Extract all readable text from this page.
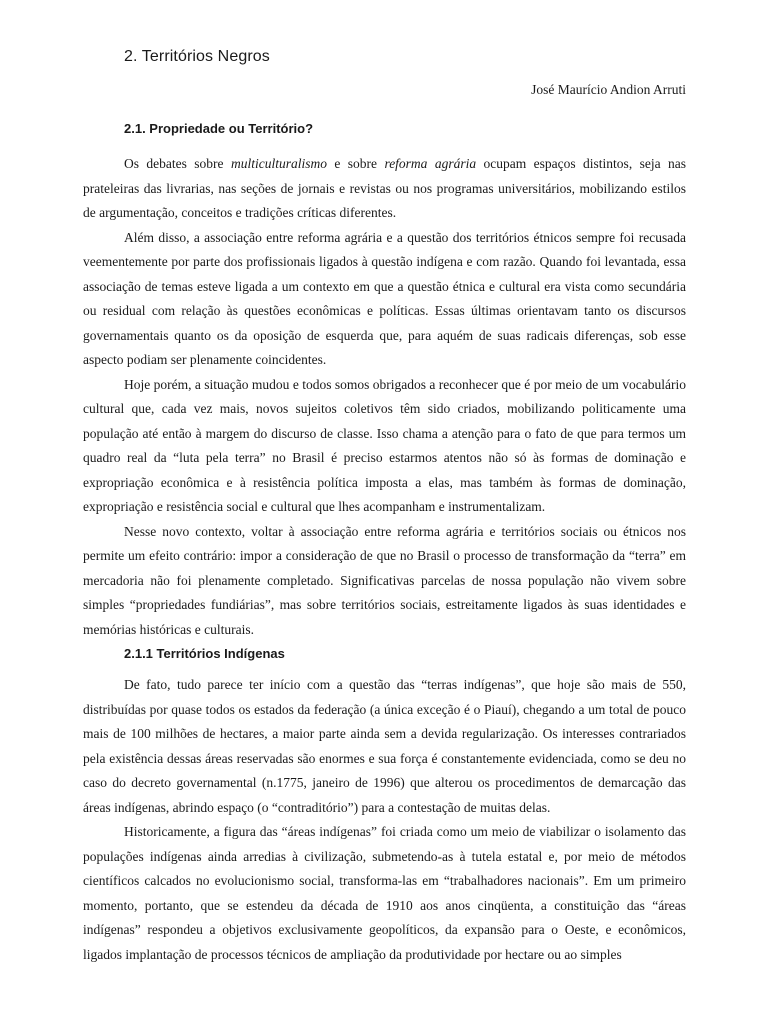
2. Territórios Negros

José Maurício Andion Arruti

2.1. Propriedade ou Território?

Os debates sobre multiculturalismo e sobre reforma agrária ocupam espaços distintos, seja nas prateleiras das livrarias, nas seções de jornais e revistas ou nos programas universitários, mobilizando estilos de argumentação, conceitos e tradições críticas diferentes.

Além disso, a associação entre reforma agrária e a questão dos territórios étnicos sempre foi recusada veementemente por parte dos profissionais ligados à questão indígena e com razão. Quando foi levantada, essa associação de temas esteve ligada a um contexto em que a questão étnica e cultural era vista como secundária ou residual com relação às questões econômicas e políticas. Essas últimas orientavam tanto os discursos governamentais quanto os da oposição de esquerda que, para aquém de suas radicais diferenças, sob esse aspecto podiam ser plenamente coincidentes.

Hoje porém, a situação mudou e todos somos obrigados a reconhecer que é por meio de um vocabulário cultural que, cada vez mais, novos sujeitos coletivos têm sido criados, mobilizando politicamente uma população até então à margem do discurso de classe. Isso chama a atenção para o fato de que para termos um quadro real da “luta pela terra” no Brasil é preciso estarmos atentos não só às formas de dominação e expropriação econômica e à resistência política imposta a elas, mas também às formas de dominação, expropriação e resistência social e cultural que lhes acompanham e instrumentalizam.

Nesse novo contexto, voltar à associação entre reforma agrária e territórios sociais ou étnicos nos permite um efeito contrário: impor a consideração de que no Brasil o processo de transformação da “terra” em mercadoria não foi plenamente completado. Significativas parcelas de nossa população não vivem sobre simples “propriedades fundiárias”, mas sobre territórios sociais, estreitamente ligados às suas identidades e memórias históricas e culturais.

2.1.1 Territórios Indígenas

De fato, tudo parece ter início com a questão das “terras indígenas”, que hoje são mais de 550, distribuídas por quase todos os estados da federação (a única exceção é o Piauí), chegando a um total de pouco mais de 100 milhões de hectares, a maior parte ainda sem a devida regularização. Os interesses contrariados pela existência dessas áreas reservadas são enormes e sua força é constantemente evidenciada, como se deu no caso do decreto governamental (n.1775, janeiro de 1996) que alterou os procedimentos de demarcação das áreas indígenas, abrindo espaço (o “contraditório”) para a contestação de muitas delas.

Historicamente, a figura das “áreas indígenas” foi criada como um meio de viabilizar o isolamento das populações indígenas ainda arredias à civilização, submetendo-as à tutela estatal e, por meio de métodos científicos calcados no evolucionismo social, transforma-las em “trabalhadores nacionais”. Em um primeiro momento, portanto, que se estendeu da década de 1910 aos anos cinqüenta, a constituição das “áreas indígenas” respondeu a objetivos exclusivamente geopolíticos, da expansão para o Oeste, e econômicos, ligados implantação de processos técnicos de ampliação da produtividade por hectare ou ao simples
